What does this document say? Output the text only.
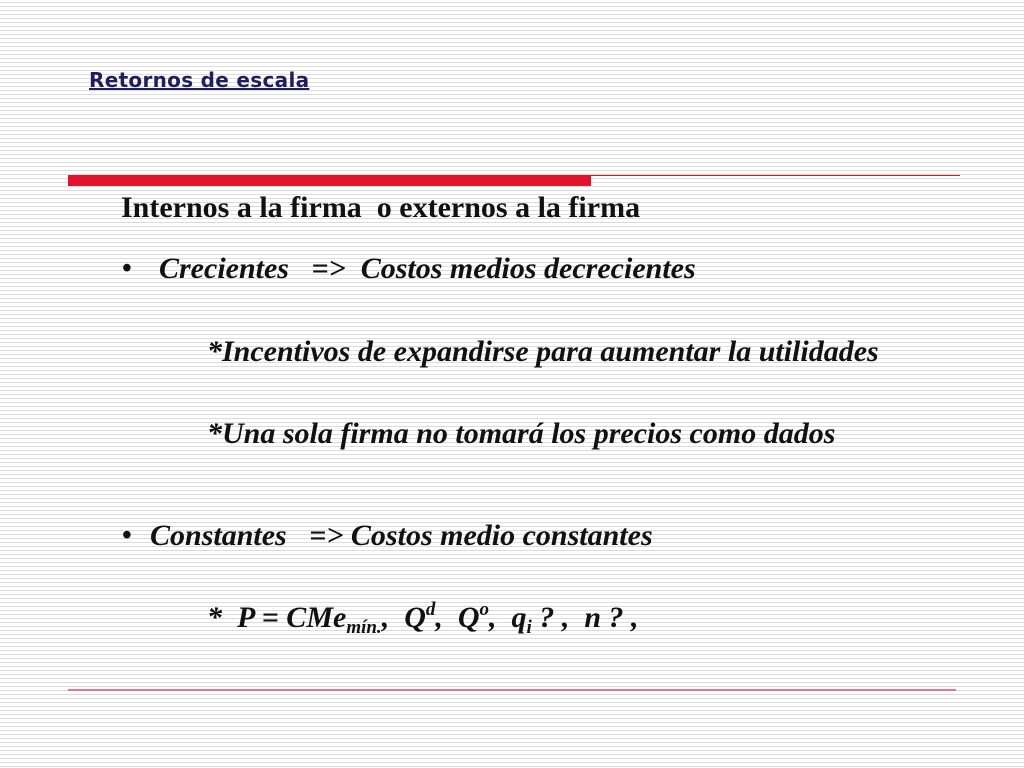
Retornos de escala
Internos a la firma  o externos a la firma
• Crecientes => Costos medios decrecientes
*Incentivos de expandirse para aumentar la utilidades
*Una sola firma no tomará los precios como dados
• Constantes => Costos medio constantes
* P = CMe$_{mín.}$,  $Q^d$,  $Q^o$,  $q_i$ ? ,  n ? ,
